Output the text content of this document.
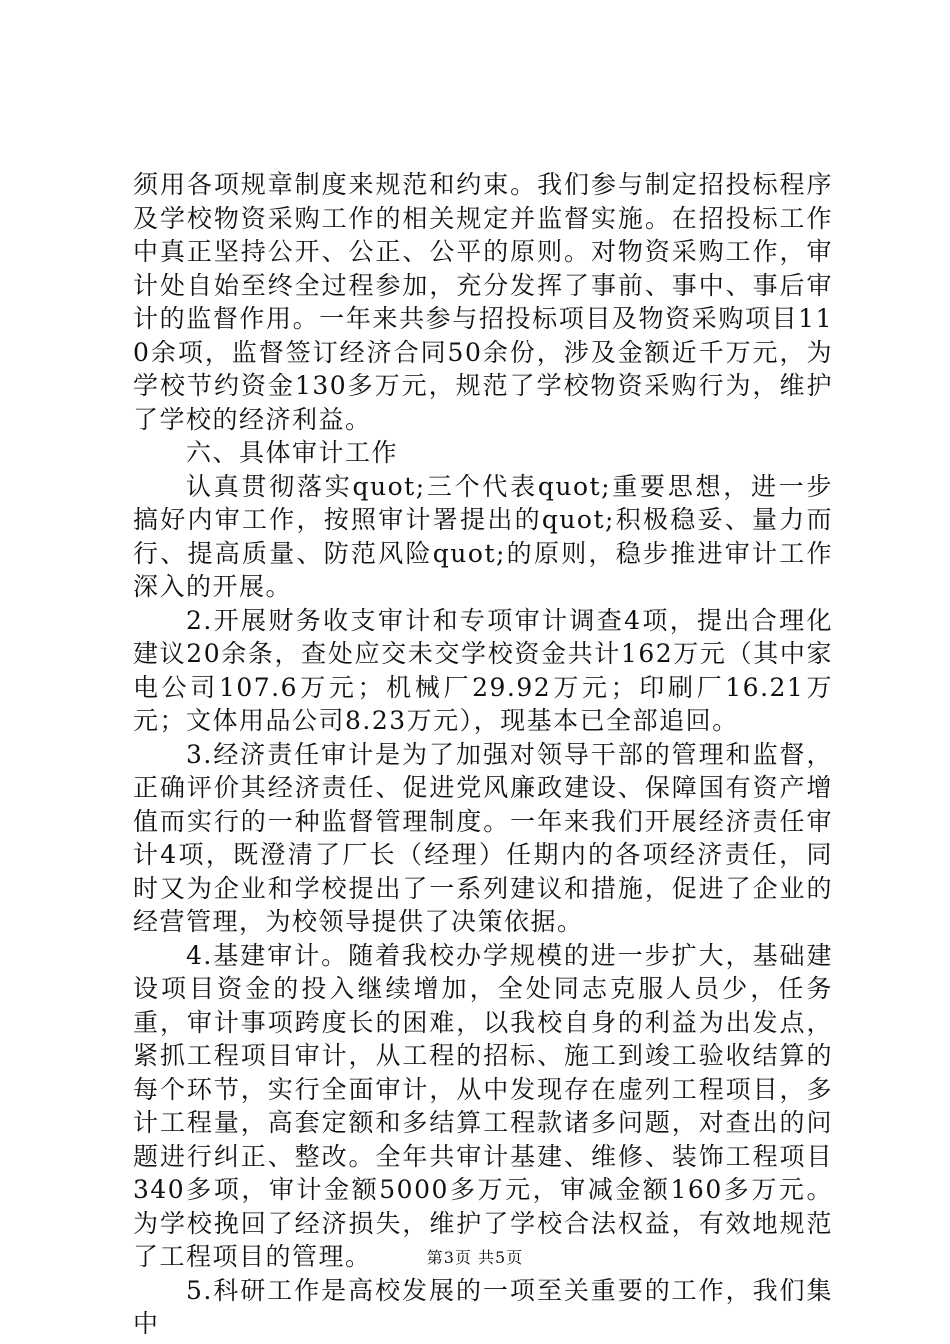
须用各项规章制度来规范和约束。我们参与制定招投标程序及学校物资采购工作的相关规定并监督实施。在招投标工作中真正坚持公开、公正、公平的原则。对物资采购工作，审计处自始至终全过程参加，充分发挥了事前、事中、事后审计的监督作用。一年来共参与招投标项目及物资采购项目110余项，监督签订经济合同50余份，涉及金额近千万元，为学校节约资金130多万元，规范了学校物资采购行为，维护了学校的经济利益。

六、具体审计工作

认真贯彻落实quot;三个代表quot;重要思想，进一步搞好内审工作，按照审计署提出的quot;积极稳妥、量力而行、提高质量、防范风险quot;的原则，稳步推进审计工作深入的开展。

2.开展财务收支审计和专项审计调查4项，提出合理化建议20余条，查处应交未交学校资金共计162万元（其中家电公司107.6万元；机械厂29.92万元；印刷厂16.21万元；文体用品公司8.23万元），现基本已全部追回。

3.经济责任审计是为了加强对领导干部的管理和监督，正确评价其经济责任、促进党风廉政建设、保障国有资产增值而实行的一种监督管理制度。一年来我们开展经济责任审计4项，既澄清了厂长（经理）任期内的各项经济责任，同时又为企业和学校提出了一系列建议和措施，促进了企业的经营管理，为校领导提供了决策依据。

4.基建审计。随着我校办学规模的进一步扩大，基础建设项目资金的投入继续增加，全处同志克服人员少，任务重，审计事项跨度长的困难，以我校自身的利益为出发点，紧抓工程项目审计，从工程的招标、施工到竣工验收结算的每个环节，实行全面审计，从中发现存在虚列工程项目，多计工程量，高套定额和多结算工程款诸多问题，对查出的问题进行纠正、整改。全年共审计基建、维修、装饰工程项目340多项，审计金额5000多万元，审减金额160多万元。为学校挽回了经济损失，维护了学校合法权益，有效地规范了工程项目的管理。

5.科研工作是高校发展的一项至关重要的工作，我们集中

第3页 共5页
